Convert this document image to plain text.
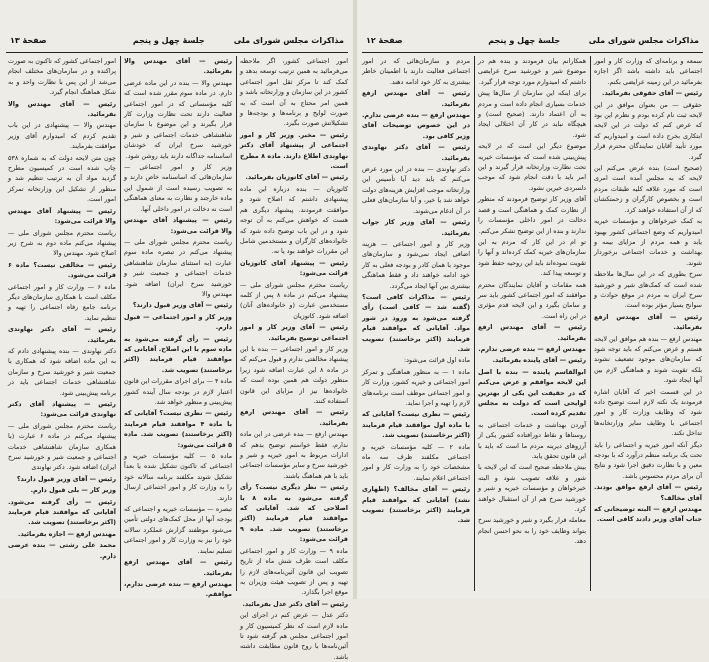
مذاکرات مجلس شورای ملی
جلسهٔ چهل و پنجم
صفحهٔ ۱۳

امور اجتماعی کشور، اگر ملاحظه می‌فرمائید به همین ترتیب توسعه بدهد و کمک کند تا مرکز ثقل امور اجتماعی کشور در این سازمان و وزارتخانه باشد و همین امر محتاج به آن است که به صورت لوایح و برنامه‌ها و بودجه‌ها و تشکیلاتش صورت بگیرد.

رئیس — مخبر. وزیر کار و امور اجتماعی از پیشنهاد آقای دکتر نهاوندی اطلاع دارند. ماده ۸ مطرح است.

رئیس — آقای کاتوزیان بفرمائید.

کاتوزیان — بنده درباره این ماده پیشنهادی داشتم که اصلاح شود و موافقت فرمودند. پیشنهاد دیگری هم هست که خواهش می‌کنم به آن توجه شود و در این باب توضیح داده شود که خانواده‌های کارگران و مستخدمین شامل این مقررات خواهند بود یا نه.

رئیس — پیشنهاد آقای کاتوزیان قرائت می‌شود:

ریاست محترم مجلس شورای ملی — پیشنهاد می‌کنم در ماده ۸ پس از کلمه مستخدمین عبارت (و خانواده‌های آنان) اضافه شود. کاتوزیان

رئیس — آقای وزیر کار و امور اجتماعی توضیح بفرمائید.

وزیر کار و امور اجتماعی — بنده با این پیشنهاد مخالفتی ندارم و قبول می‌کنم که در ماده ۸ این عبارت اضافه شود زیرا منظور دولت هم همین بوده است که خانواده‌ها نیز از مزایای این قانون استفاده کنند.

رئیس — آقای مهندس ارفع بفرمائید.

مهندس ارفع — بنده عرضی در این ماده ندارم، فقط خواستم توضیح بدهم که ادارات مربوط به امور خیریه و شیر و خورشید سرخ و سایر مؤسسات اجتماعی باید با هم هماهنگ باشند.

رئیس — نظر دیگری نیست؟ رأی گرفته می‌شود به ماده ۸ با اصلاحی که شد. آقایانی که موافقند قیام فرمایند (اکثر برخاستند) تصویب شد. ماده ۹ قرائت می‌شود:

ماده ۹ — وزارت کار و امور اجتماعی مکلف است ظرف شش ماه از تاریخ تصویب این قانون آئین‌نامه‌های لازم را تهیه و پس از تصویب هیئت وزیران به موقع اجرا بگذارد.

رئیس — آقای دکتر عدل بفرمائید.

دکتر عدل — عرض کنم در اجرای این ماده لازم است که نظر کمیسیون کار و امور اجتماعی مجلس هم گرفته شود تا آئین‌نامه‌ها با روح قانون مطابقت داشته باشد.

رئیس — آقای مهندس والا بفرمائید.

مهندس والا — بنده در این ماده عرضی دارم. در ماده سوم مقرر شده است که کلیه مؤسساتی که در امور اجتماعی فعالیت دارند تحت نظارت وزارت کار قرار بگیرند و این موضوع با سازمان شاهنشاهی خدمات اجتماعی و شیر و خورشید سرخ ایران که خودشان اساسنامه جداگانه دارند باید روشن شود.

وزیر کار و امور اجتماعی — سازمان‌هائی که اساسنامه خاص دارند و به تصویب رسیده است از شمول این ماده خارجند و نظارت به معنای هماهنگی است نه دخالت در امور داخلی آنها.

رئیس — پیشنهاد آقای مهندس والا قرائت می‌شود:

ریاست محترم مجلس شورای ملی — پیشنهاد می‌کنم در تبصره ماده سوم عبارت (به استثنای سازمان شاهنشاهی خدمات اجتماعی و جمعیت شیر و خورشید سرخ ایران) اضافه شود. مهندس والا

رئیس — آقای وزیر قبول دارند؟

وزیر کار و امور اجتماعی — قبول دارم.

رئیس — رأی گرفته می‌شود به ماده سوم با این اصلاح. آقایانی که موافقند قیام فرمایند (اکثر برخاستند) تصویب شد.

ماده ۴ — برای اجرای مقررات این قانون اعتبار لازم در بودجه سال آینده کشور پیش‌بینی و منظور خواهد شد.

رئیس — نظری نیست؟ آقایانی که با ماده ۴ موافقند قیام فرمایند (اکثر برخاستند) تصویب شد. ماده ۵ قرائت می‌شود:

ماده ۵ — کلیه مؤسسات خیریه و اجتماعی که تاکنون تشکیل شده یا بعداً تشکیل شوند مکلفند برنامه سالانه خود را به وزارت کار و امور اجتماعی ارسال دارند.

تبصره — مؤسسات خیریه و اجتماعی که بودجه آنها از محل کمک‌های دولتی تأمین می‌شود موظفند گزارش عملکرد سالانه خود را نیز به وزارت کار و امور اجتماعی تسلیم نمایند.

رئیس — آقای مهندس ارفع بفرمائید.

مهندس ارفع — بنده عرضی ندارم، موافقم.

امور اجتماعی کشور که تاکنون به صورت پراکنده و در سازمان‌های مختلف انجام می‌شد از این پس با نظارت واحد و به شکل هماهنگ انجام گیرد.

رئیس — آقای مهندس والا بفرمائید.

مهندس والا — پیشنهادی در این باب تقدیم کردم که امیدوارم آقای وزیر موافقت بفرمایند.

چون متن لایحه دولت که به شماره ۵۳۸ چاپ شده است در کمیسیون مطرح گردید مواد آن به ترتیب تنظیم شد و منظور از تشکیل این وزارتخانه تمرکز امور است.

رئیس — پیشنهاد آقای مهندس والا قرائت می‌شود:

ریاست محترم مجلس شورای ملی — پیشنهاد می‌کنم ماده دوم به شرح زیر اصلاح شود. مهندس والا

رئیس — مخالفی نیست؟ ماده ۶ قرائت می‌شود.

ماده ۶ — وزارت کار و امور اجتماعی مکلف است با همکاری سازمان‌های دیگر برنامه جامع رفاه اجتماعی را تهیه و تنظیم نماید.

رئیس — آقای دکتر نهاوندی بفرمائید.

دکتر نهاوندی — بنده پیشنهادی دادم که به این ماده اضافه شود که همکاری با جمعیت شیر و خورشید سرخ و سازمان شاهنشاهی خدمات اجتماعی باید در برنامه پیش‌بینی شود.

رئیس — پیشنهاد آقای دکتر نهاوندی قرائت می‌شود:

ریاست محترم مجلس شورای ملی — پیشنهاد می‌کنم در ماده ۶ عبارت (با همکاری سازمان شاهنشاهی خدمات اجتماعی و جمعیت شیر و خورشید سرخ ایران) اضافه شود. دکتر نهاوندی

رئیس — آقای وزیر قبول دارند؟

وزیر کار — بلی قبول دارم.

رئیس — رأی گرفته می‌شود. آقایانی که موافقند قیام فرمایند (اکثر برخاستند) تصویب شد.

مهندس ارفع — اجازه بفرمائید.

محمد علی رشتی — بنده عرضی دارم.

مذاکرات مجلس شورای ملی
جلسهٔ چهل و پنجم
صفحهٔ ۱۲

سمعه و برنامه‌ای که وزارت کار و امور اجتماعی باید داشته باشد اگر اجازه بفرمائید در این زمینه عرایضی بکنم.

رئیس — آقای حقوقی بفرمائید.

حقوقی — من بعنوان موافق در این لایحه ثبت نام کرده بودم و نظرم این بود که عرض کنم که دولت در این لایحه ابتکاری بخرج داده است و امیدواریم که مورد تأیید آقایان نمایندگان محترم قرار گیرد.

(صحیح است) بنده عرض می‌کنم این لایحه که به مجلس آمده است امری است که مورد علاقه کلیه طبقات مردم است و بخصوص کارگران و زحمتکشان که از آن استفاده خواهند کرد.

به کمک خیرخواهان و مؤسسات خیریه امیدواریم که وضع اجتماعی کشور بهبود یابد و همه مردم از مزایای بیمه و بهداشت و خدمات اجتماعی برخوردار شوند.

سرخ بطوری که در این سال‌ها ملاحظه شده است که کمک‌های شیر و خورشید سرخ ایران به مردم در موقع حوادث و سوانح بسیار مؤثر بوده است.

رئیس — آقای مهندس ارفع بفرمائید.

مهندس ارفع — بنده هم موافق این لایحه هستم و عرض می‌کنم که باید توجه شود که سازمان‌های موجود تضعیف نشوند بلکه تقویت شوند و هماهنگی لازم بین آنها ایجاد شود.

در این قسمت اخیر که آقایان اشاره فرمودند یک نکته لازم است توضیح داده شود که وظایف وزارت کار و امور اجتماعی با وظایف سایر وزارتخانه‌ها تداخل نکند.

دیگر آنکه امور خیریه و اجتماعی را باید تحت یک برنامه منظم درآورد که با بودجه معین و با نظارت دقیق اجرا شود و نتایج آن برای مردم محسوس باشد.

رئیس — آقای ارفع موافق بودند. آقای مخالف؟

مهندس ارفع — البته توضیحاتی که جناب آقای وزیر دادند کافی است.

همکارانم بیان فرمودند و بنده هم در موضوع شیر و خورشید سرخ عرایضی داشتم که امیدوارم مورد توجه قرار گیرد.

برای اینکه این سازمان از سال‌ها پیش خدمات بسیاری انجام داده است و مردم به آن اعتماد دارند. (صحیح است) و هیچگاه نباید در کار آن اختلالی ایجاد شود.

موضوع دیگر این است که در لایحه پیش‌بینی شده است که مؤسسات خیریه تحت نظارت وزارتخانه قرار گیرند و این امر باید با دقت انجام شود که موجب دلسردی خیرین نشود.

آقای وزیر کار توضیح فرمودند که منظور از نظارت کمک و هماهنگی است و قصد دخالت در امور داخلی مؤسسات را ندارند و بنده از این توضیح تشکر می‌کنم.

تو ام در این کار که مردم به این سازمان‌های خیریه کمک کرده‌اند و آنها را تقویت نموده‌اند باید این روحیه حفظ شود و توسعه پیدا کند.

همه مقامات و آقایان نمایندگان محترم موافقند که امور اجتماعی کشور باید سر و سامان بگیرد و این لایحه قدم مؤثری در این راه است.

رئیس — آقای مهندس ارفع بفرمائید.

مهندس ارفع — بنده عرضی ندارم.

رئیس — آقای پاینده بفرمائید.

ابوالقاسم پاینده — بنده با اصل این لایحه موافقم و عرض می‌کنم که در حقیقت این یکی از بهترین لوایحی است که دولت به مجلس تقدیم کرده است.

آوردن بهداشت و خدمات اجتماعی به روستاها و نقاط دورافتاده کشور یکی از آرزوهای دیرینه مردم ما است که باید با این قانون تحقق یابد.

بیش ملاحظه صحیح است که این لایحه با شور و علاقه تصویب شود و البته خیرخواهان و مؤسسات خیریه و شیر و خورشید سرخ هم از آن استقبال خواهند کرد.

معامله قرار بگیرد و شیر و خورشید سرخ بتواند وظایف خود را به نحو احسن انجام دهد.

مردم و سازمان‌هائی که در امور اجتماعی فعالیت دارند با اطمینان خاطر بیشتری به کار خود ادامه دهند.

رئیس — آقای مهندس ارفع بفرمائید.

مهندس ارفع — بنده عرضی ندارم. در این خصوص توضیحات آقای وزیر کافی بود.

رئیس — آقای دکتر نهاوندی بفرمائید.

دکتر نهاوندی — بنده در این مورد عرض می‌کنم که باید دید آیا تأسیس این وزارتخانه موجب افزایش هزینه‌های دولت خواهد شد یا خیر، و آیا سازمان‌های فعلی در آن ادغام می‌شوند.

رئیس — آقای وزیر کار جواب بفرمائید.

وزیر کار و امور اجتماعی — هزینه اضافی ایجاد نمی‌شود و سازمان‌های موجود با همان کادر و بودجه فعلی به کار خود ادامه خواهند داد و فقط هماهنگی بیشتری بین آنها ایجاد می‌گردد.

رئیس — مذاکرات کافی است؟ (گفته شد — کافی است) رأی گرفته می‌شود به ورود در شور مواد. آقایانی که موافقند قیام فرمایند (اکثر برخاستند) تصویب شد.

ماده اول قرائت می‌شود:

ماده ۱ — به منظور هماهنگی و تمرکز امور اجتماعی و خیریه کشور، وزارت کار و امور اجتماعی موظف است برنامه‌های لازم را تهیه و اجرا نماید.

رئیس — نظری نیست؟ آقایانی که با ماده اول موافقند قیام فرمایند (اکثر برخاستند) تصویب شد.

ماده ۲ — کلیه مؤسسات خیریه و اجتماعی مکلفند ظرف سه ماه مشخصات خود را به وزارت کار و امور اجتماعی اعلام نمایند.

رئیس — آقای مخالف؟ (اظهاری نشد) آقایانی که موافقند قیام فرمایند (اکثر برخاستند) تصویب شد.
